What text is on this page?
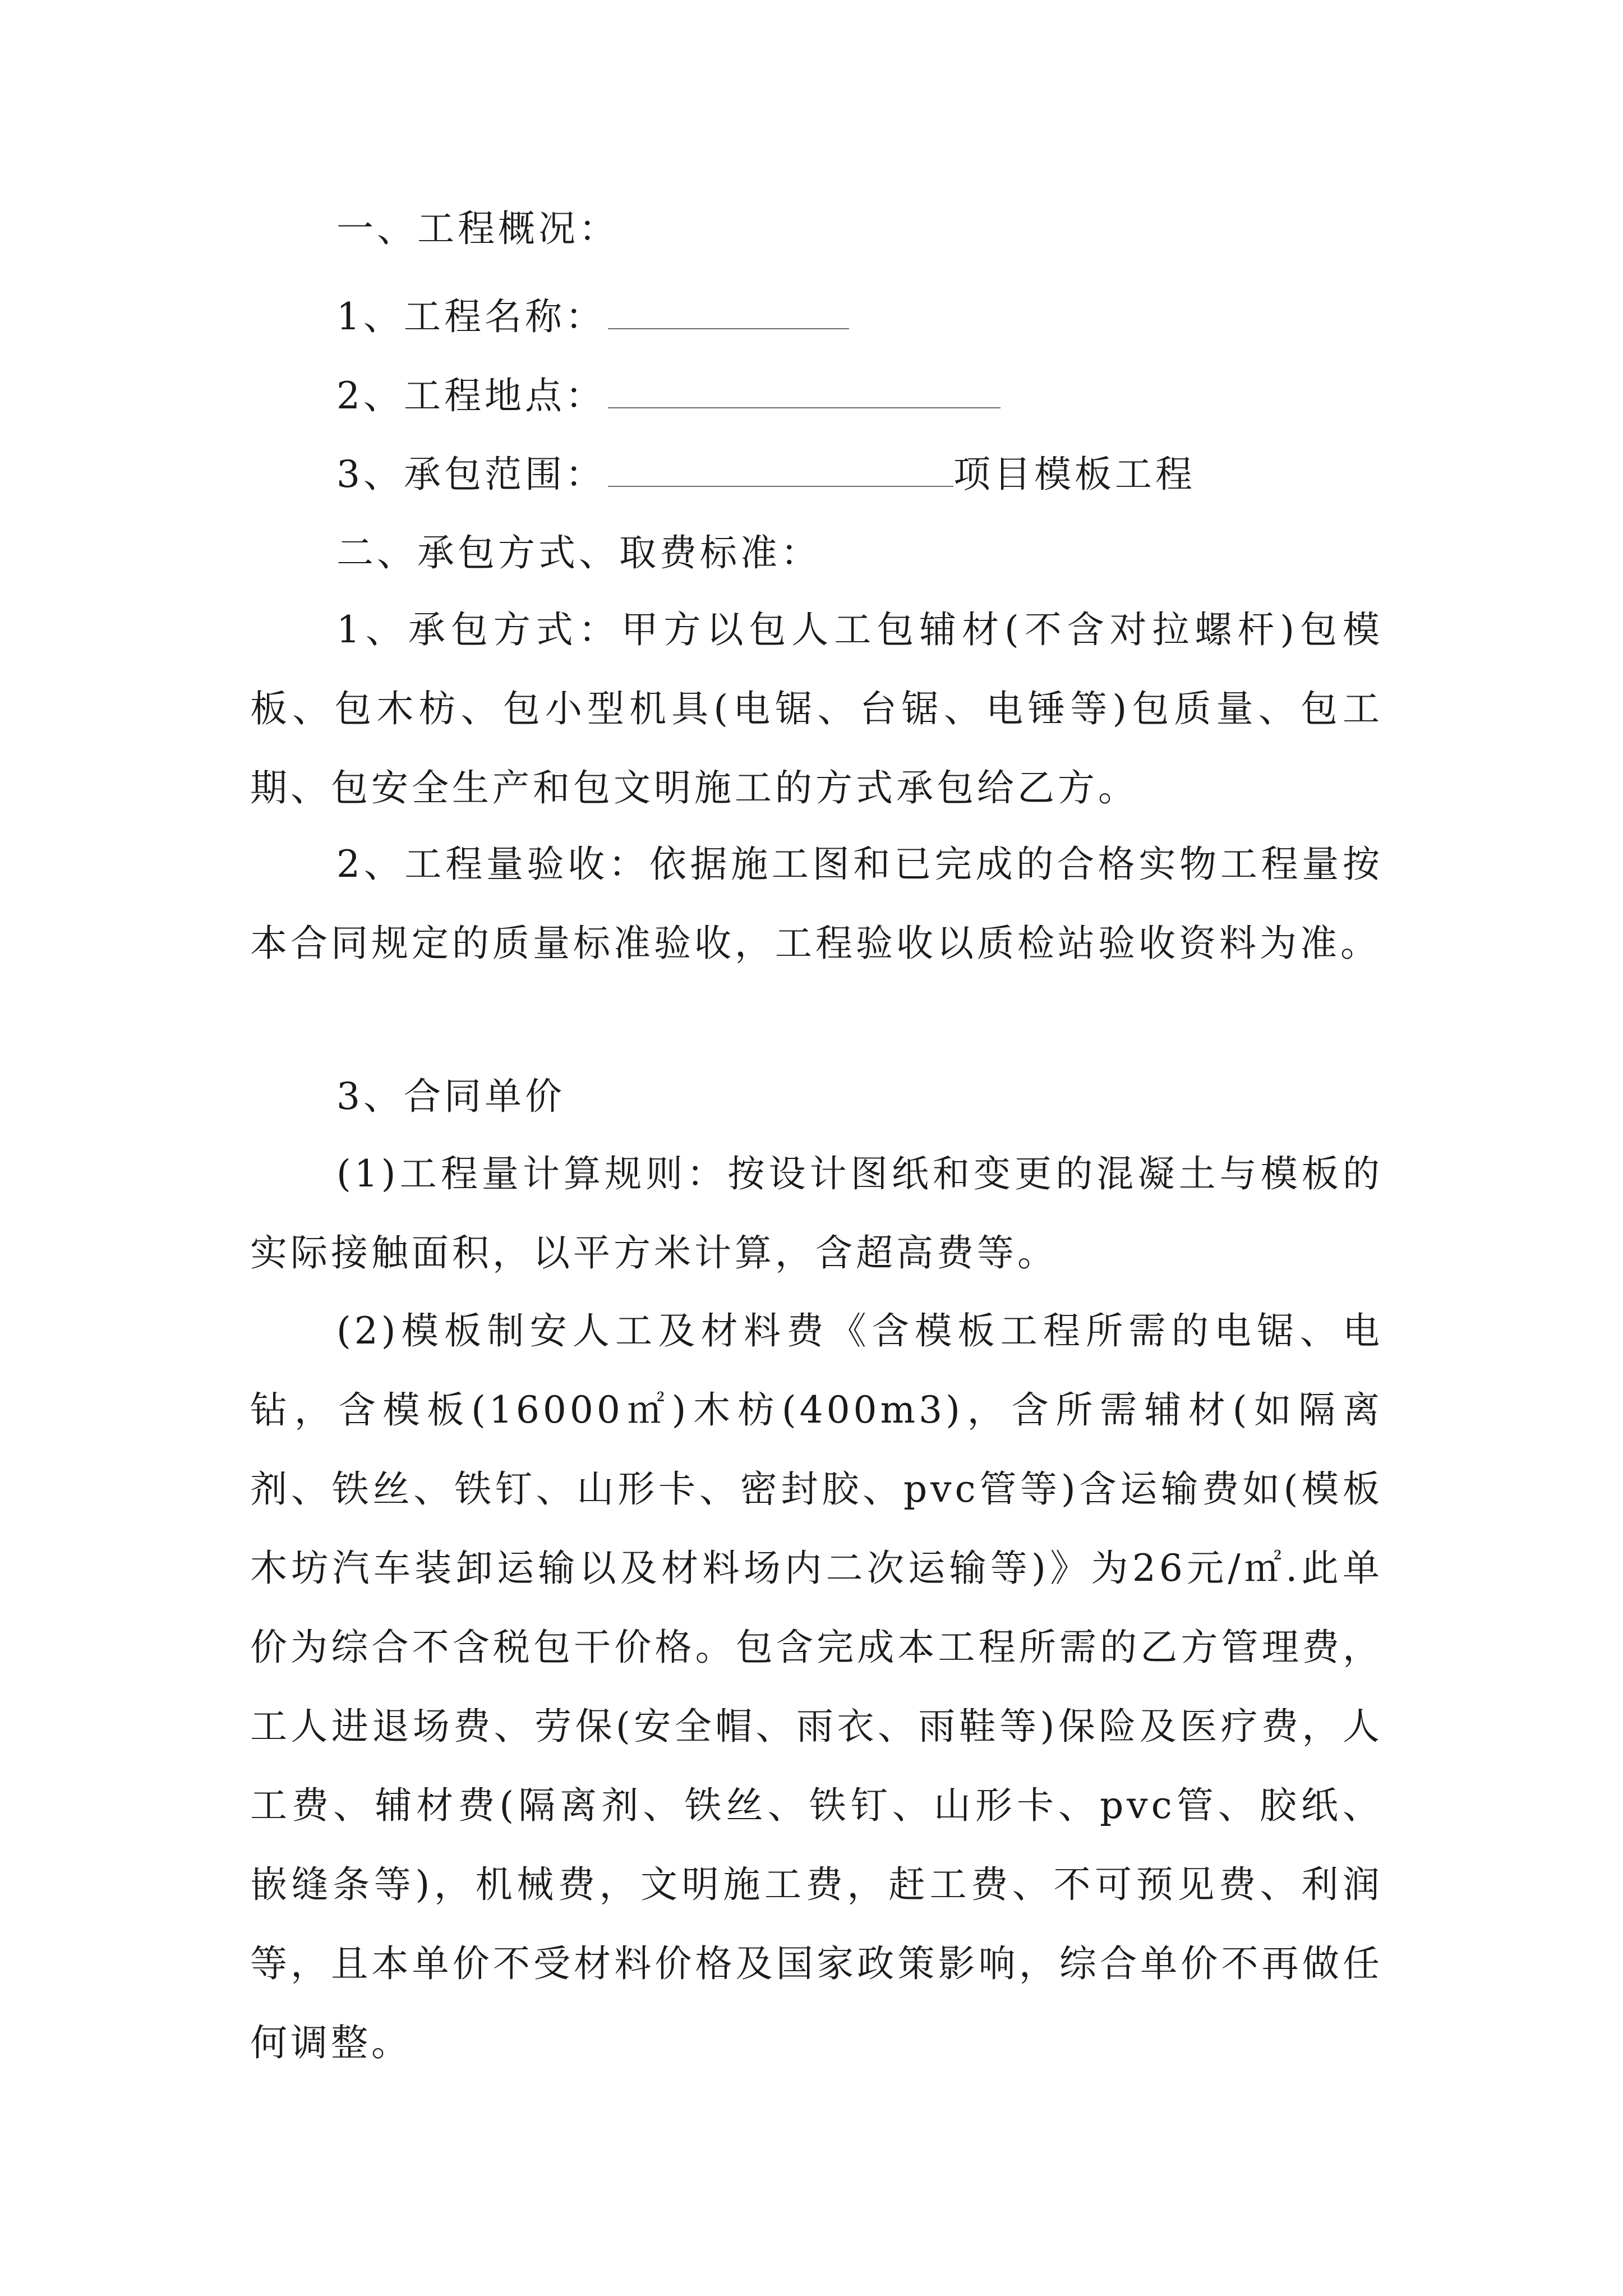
一、工程概况：
1、工程名称：
2、工程地点：
3、承包范围：	项目模板工程
二、承包方式、取费标准：
1、承包方式：甲方以包人工包辅材(不含对拉螺杆)包模板、包木枋、包小型机具(电锯、台锯、电锤等)包质量、包工期、包安全生产和包文明施工的方式承包给乙方。
2、工程量验收：依据施工图和已完成的合格实物工程量按本合同规定的质量标准验收，工程验收以质检站验收资料为准。
3、合同单价
(1)工程量计算规则：按设计图纸和变更的混凝土与模板的实际接触面积，以平方米计算，含超高费等。
(2)模板制安人工及材料费《含模板工程所需的电锯、电钻，含模板(16000㎡)木枋(400m3)，含所需辅材(如隔离剂、铁丝、铁钉、山形卡、密封胶、pvc管等)含运输费如(模板木坊汽车装卸运输以及材料场内二次运输等)》为26元/㎡.此单价为综合不含税包干价格。包含完成本工程所需的乙方管理费，工人进退场费、劳保(安全帽、雨衣、雨鞋等)保险及医疗费，人工费、辅材费(隔离剂、铁丝、铁钉、山形卡、pvc管、胶纸、嵌缝条等)，机械费，文明施工费，赶工费、不可预见费、利润等，且本单价不受材料价格及国家政策影响，综合单价不再做任何调整。
